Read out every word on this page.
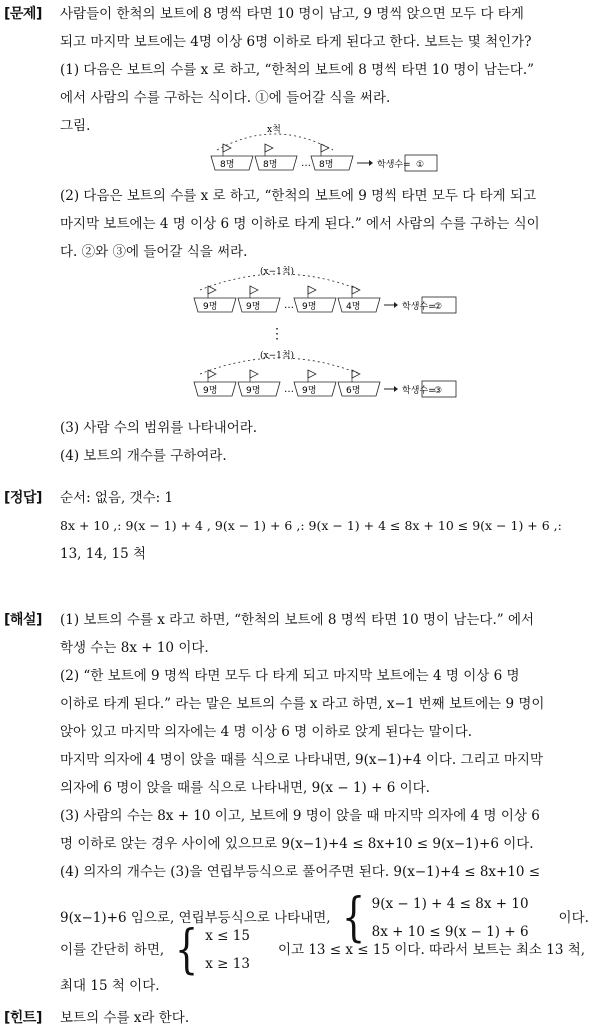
[문제] 사람들이 한척의 보트에 8 명씩 타면 10 명이 남고, 9 명씩 앉으면 모두 다 타게
되고 마지막 보트에는 4명 이상 6명 이하로 타게 된다고 한다. 보트는 몇 척인가?
(1) 다음은 보트의 수를 x 로 하고, “한척의 보트에 8 명씩 타면 10 명이 남는다.”
에서 사람의 수를 구하는 식이다. ①에 들어갈 식을 써라.
그림.	x척
8명	8명 … 8명	학생수= ①
(2) 다음은 보트의 수를 x 로 하고, “한척의 보트에 9 명씩 타면 모두 다 타게 되고
마지막 보트에는 4 명 이상 6 명 이하로 타게 된다.” 에서 사람의 수를 구하는 식이
다. ②와 ③에 들어갈 식을 써라.
(x−1척)
9명	9명 … 9명	4명	학생수=
②
⋮
(x−1척)
9명	9명 … 9명	6명	학생수=
③
(3) 사람 수의 범위를 나타내어라.
(4) 보트의 개수를 구하여라.
[정답] 순서: 없음, 갯수: 1
8x + 10 ,: 9(x − 1) + 4 , 9(x − 1) + 6 ,: 9(x − 1) + 4 ≤ 8x + 10 ≤ 9(x − 1) + 6 ,:
13, 14, 15 척
[해설] (1) 보트의 수를 x 라고 하면, “한척의 보트에 8 명씩 타면 10 명이 남는다.” 에서
학생 수는 8x + 10 이다.
(2) “한 보트에 9 명씩 타면 모두 다 타게 되고 마지막 보트에는 4 명 이상 6 명
이하로 타게 된다.” 라는 말은 보트의 수를 x 라고 하면, x−1 번째 보트에는 9 명이
앉아 있고 마지막 의자에는 4 명 이상 6 명 이하로 앉게 된다는 말이다.
마지막 의자에 4 명이 앉을 때를 식으로 나타내면, 9(x−1)+4 이다. 그리고 마지막
의자에 6 명이 앉을 때를 식으로 나타내면, 9(x − 1) + 6 이다.
(3) 사람의 수는 8x + 10 이고, 보트에 9 명이 앉을 때 마지막 의자에 4 명 이상 6
명 이하로 앉는 경우 사이에 있으므로 9(x−1)+4 ≤ 8x+10 ≤ 9(x−1)+6 이다.
(4) 의자의 개수는 (3)을 연립부등식으로 풀어주면 된다. 9(x−1)+4 ≤ 8x+10 ≤
9(x−1)+6 임으로, 연립부등식으로 나타내면, { 9(x − 1) + 4 ≤ 8x + 10
8x + 10 ≤ 9(x − 1) + 6
이다.
이를 간단히 하면, { x ≤ 15
x ≥ 13
이고 13 ≤ x ≤ 15 이다. 따라서 보트는 최소 13 척,
최대 15 척 이다.
[힌트] 보트의 수를 x라 한다.
